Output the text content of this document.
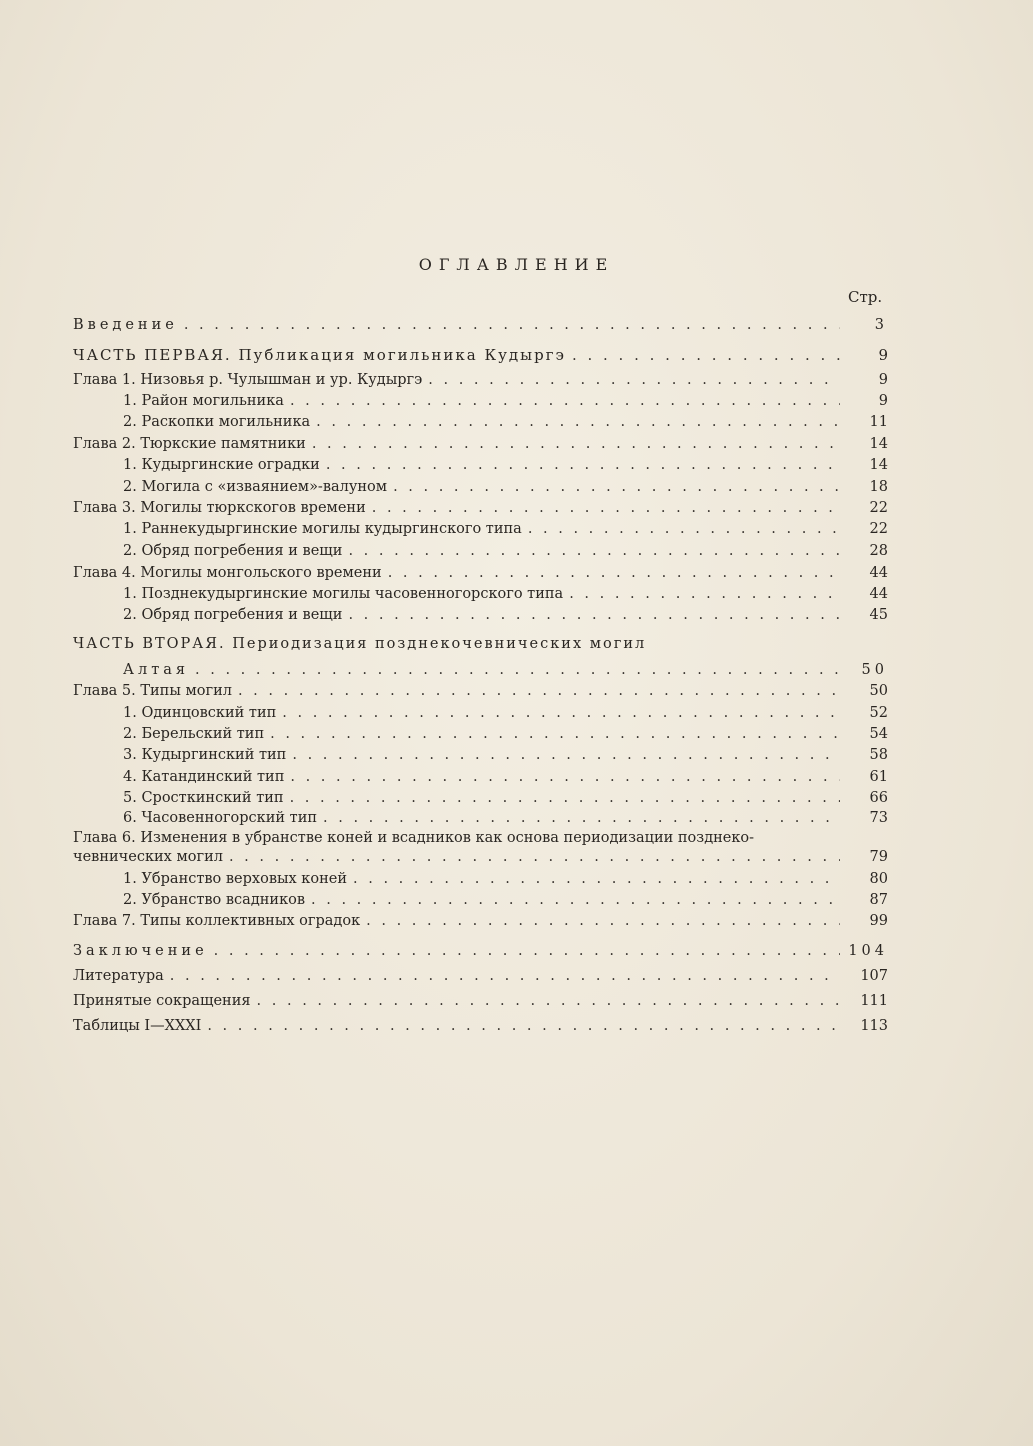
ОГЛАВЛЕНИЕ
Стр.
Введение . . .	3
ЧАСТЬ ПЕРВАЯ. Публикация могильника Кудыргэ . . .	9
Глава 1. Низовья р. Чулышман и ур. Кудыргэ . . .	9
1. Район могильника . . .	9
2. Раскопки могильника . . .	11
Глава 2. Тюркские памятники . . .	14
1. Кудыргинские оградки . . .	14
2. Могила с «изваянием»-валуном . . .	18
Глава 3. Могилы тюркскогов времени . . .	22
1. Раннекудыргинские могилы кудыргинского типа . . .	22
2. Обряд погребения и вещи . . .	28
Глава 4. Могилы монгольского времени . . .	44
1. Позднекудыргинские могилы часовенногорского типа . . .	44
2. Обряд погребения и вещи . . .	45
ЧАСТЬ ВТОРАЯ. Периодизация позднекочевнических могил
Алтая . . .	50
Глава 5. Типы могил . . .	50
1. Одинцовский тип . . .	52
2. Берельский тип . . .	54
3. Кудыргинский тип . . .	58
4. Катандинский тип . . .	61
5. Сросткинский тип . . .	66
6. Часовенногорский тип . . .	73
Глава 6. Изменения в убранстве коней и всадников как основа периодизации позднеко-
чевнических могил . . .	79
1. Убранство верховых коней . . .	80
2. Убранство всадников . . .	87
Глава 7. Типы коллективных оградок . . .	99
Заключение . . .	104
Литература . . .	107
Принятые сокращения . . .	111
Таблицы I—XXXI . . .	113
